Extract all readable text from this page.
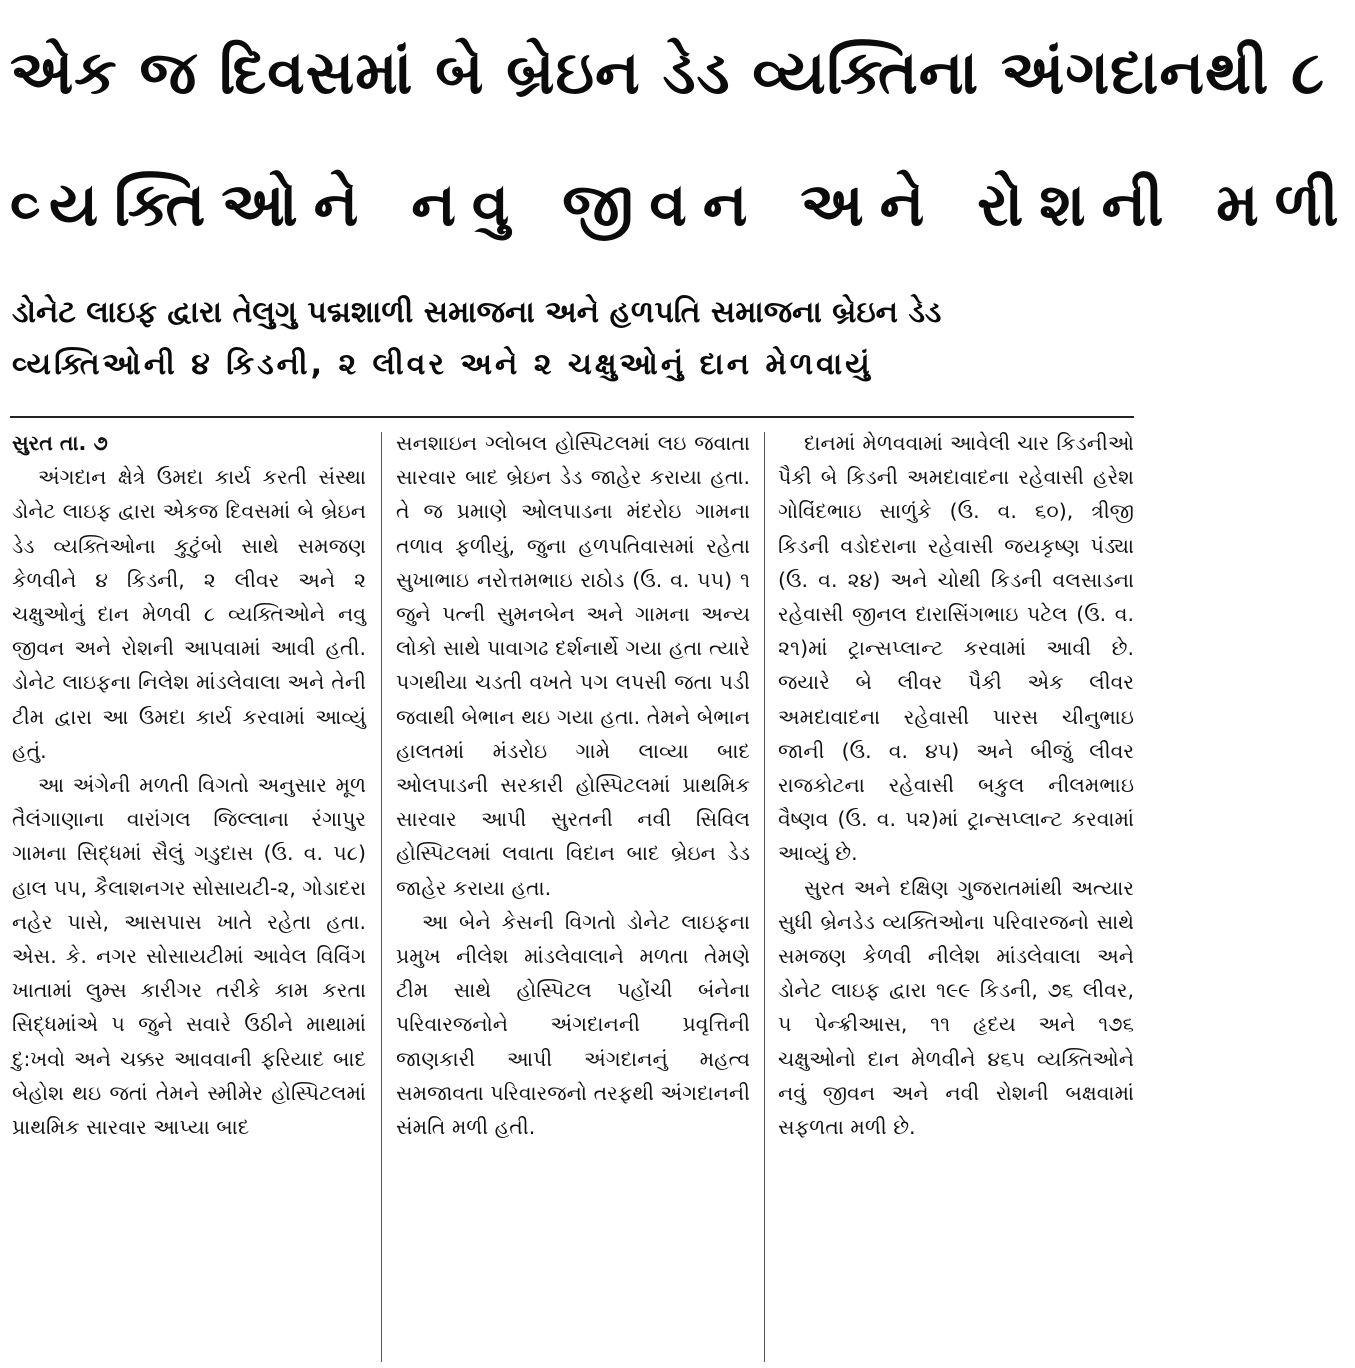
એક જ દિવસમાં બે બ્રેઇન ડેડ વ્યક્તિના અંગદાનથી ૮
વ્યક્તિઓને નવુ જીવન અને રોશની મળી
ડોનેટ લાઇફ દ્વારા તેલુગુ પદ્મશાળી સમાજના અને હળપતિ સમાજના બ્રેઇન ડેડ
વ્યક્તિઓની ૪ કિડની, ૨ લીવર અને ૨ ચક્ષુઓનું દાન મેળવાયું

સુરત તા. ૭

અંગદાન ક્ષેત્રે ઉમદા કાર્ય કરતી સંસ્થા ડોનેટ લાઇફ દ્વારા એકજ દિવસમાં બે બ્રેઇન ડેડ વ્યક્તિઓના કુટુંબો સાથે સમજણ કેળવીને ૪ કિડની, ૨ લીવર અને ૨ ચક્ષુઓનું દાન મેળવી ૮ વ્યક્તિઓને નવુ જીવન અને રોશની આપવામાં આવી હતી. ડોનેટ લાઇફના નિલેશ માંડલેવાલા અને તેની ટીમ દ્વારા આ ઉમદા કાર્ય કરવામાં આવ્યું હતું.

આ અંગેની મળતી વિગતો અનુસાર મૂળ તૈલંગાણાના વારાંગલ જિલ્લાના રંગાપુર ગામના સિદ્ધમાં સૈલું ગડુદાસ (ઉ. વ. ૫૮) હાલ ૫૫, કૈલાશનગર સોસાયટી-૨, ગોડાદરા નહેર પાસે, આસપાસ ખાતે રહેતા હતા. એસ. કે. નગર સોસાયટીમાં આવેલ વિવિંગ ખાતામાં લુમ્સ કારીગર તરીકે કામ કરતા સિદ્ધમાંએ ૫ જુને સવારે ઉઠીને માથામાં દુ:ખવો અને ચક્કર આવવાની ફરિયાદ બાદ બેહોશ થઇ જતાં તેમને સ્મીમેર હોસ્પિટલમાં પ્રાથમિક સારવાર આપ્યા બાદ

સનશાઇન ગ્લોબલ હોસ્પિટલમાં લઇ જવાતા સારવાર બાદ બ્રેઇન ડેડ જાહેર કરાયા હતા. તે જ પ્રમાણે ઓલપાડના મંદરોઇ ગામના તળાવ ફળીયું, જુના હળપતિવાસમાં રહેતા સુખાભાઇ નરોત્તમભાઇ રાઠોડ (ઉ. વ. ૫૫) ૧ જુને પત્ની સુમનબેન અને ગામના અન્ય લોકો સાથે પાવાગઢ દર્શનાર્થે ગયા હતા ત્યારે પગથીયા ચડતી વખતે પગ લપસી જતા પડી જવાથી બેભાન થઇ ગયા હતા. તેમને બેભાન હાલતમાં મંડરોઇ ગામે લાવ્યા બાદ ઓલપાડની સરકારી હોસ્પિટલમાં પ્રાથમિક સારવાર આપી સુરતની નવી સિવિલ હોસ્પિટલમાં લવાતા વિદાન બાદ બ્રેઇન ડેડ જાહેર કરાયા હતા.

આ બેને કેસની વિગતો ડોનેટ લાઇફના પ્રમુખ નીલેશ માંડલેવાલાને મળતા તેમણે ટીમ સાથે હોસ્પિટલ પહોંચી બંનેના પરિવારજનોને અંગદાનની પ્રવૃત્તિની જાણકારી આપી અંગદાનનું મહત્વ સમજાવતા પરિવારજનો તરફથી અંગદાનની સંમતિ મળી હતી.

દાનમાં મેળવવામાં આવેલી ચાર કિડનીઓ પૈકી બે કિડની અમદાવાદના રહેવાસી હરેશ ગોવિંદભાઇ સાળુંકે (ઉ. વ. ૬૦), ત્રીજી કિડની વડોદરાના રહેવાસી જયકૃષ્ણ પંડ્યા (ઉ. વ. ૨૪) અને ચોથી કિડની વલસાડના રહેવાસી જીનલ દારાસિંગભાઇ પટેલ (ઉ. વ. ૨૧)માં ટ્રાન્સપ્લાન્ટ કરવામાં આવી છે. જયારે બે લીવર પૈકી એક લીવર અમદાવાદના રહેવાસી પારસ ચીનુભાઇ જાની (ઉ. વ. ૪૫) અને બીજું લીવર રાજકોટના રહેવાસી બકુલ નીલમભાઇ વૈષ્ણવ (ઉ. વ. ૫૨)માં ટ્રાન્સપ્લાન્ટ કરવામાં આવ્યું છે.

સુરત અને દક્ષિણ ગુજરાતમાંથી અત્યાર સુધી બ્રેનડેડ વ્યક્તિઓના પરિવારજનો સાથે સમજણ કેળવી નીલેશ માંડલેવાલા અને ડોનેટ લાઇફ દ્વારા ૧૯૯ કિડની, ૭૬ લીવર, ૫ પેન્ક્રીઆસ, ૧૧ હૃદય અને ૧૭૬ ચક્ષુઓનો દાન મેળવીને ૪૬૫ વ્યક્તિઓને નવું જીવન અને નવી રોશની બક્ષવામાં સફળતા મળી છે.
